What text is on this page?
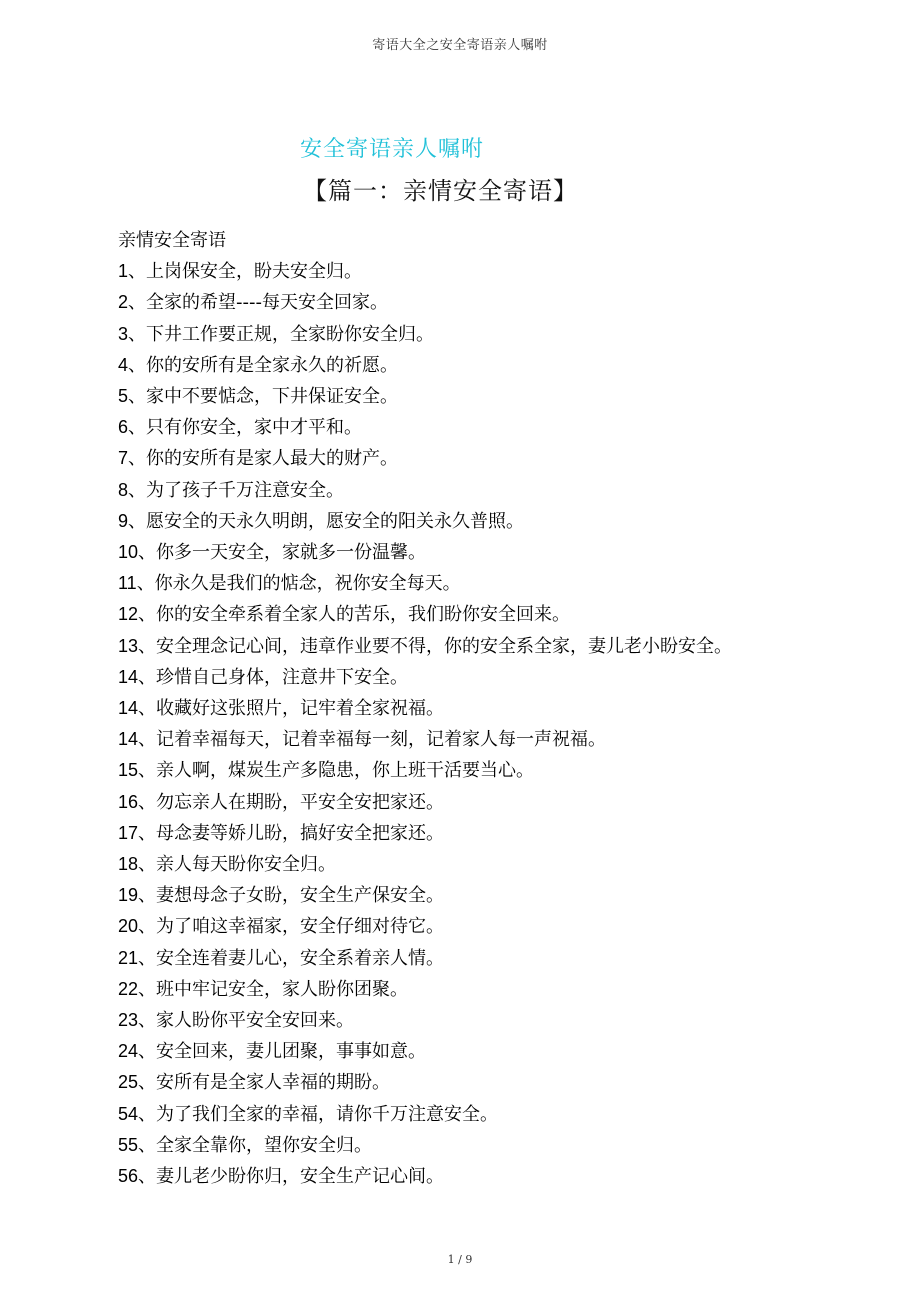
寄语大全之安全寄语亲人嘱咐
安全寄语亲人嘱咐
【篇一：亲情安全寄语】
亲情安全寄语
1、上岗保安全，盼夫安全归。
2、全家的希望----每天安全回家。
3、下井工作要正规，全家盼你安全归。
4、你的安所有是全家永久的祈愿。
5、家中不要惦念，下井保证安全。
6、只有你安全，家中才平和。
7、你的安所有是家人最大的财产。
8、为了孩子千万注意安全。
9、愿安全的天永久明朗，愿安全的阳关永久普照。
10、你多一天安全，家就多一份温馨。
11、你永久是我们的惦念，祝你安全每天。
12、你的安全牵系着全家人的苦乐，我们盼你安全回来。
13、安全理念记心间，违章作业要不得，你的安全系全家，妻儿老小盼安全。
14、珍惜自己身体，注意井下安全。
14、收藏好这张照片，记牢着全家祝福。
14、记着幸福每天，记着幸福每一刻，记着家人每一声祝福。
15、亲人啊，煤炭生产多隐患，你上班干活要当心。
16、勿忘亲人在期盼，平安全安把家还。
17、母念妻等娇儿盼，搞好安全把家还。
18、亲人每天盼你安全归。
19、妻想母念子女盼，安全生产保安全。
20、为了咱这幸福家，安全仔细对待它。
21、安全连着妻儿心，安全系着亲人情。
22、班中牢记安全，家人盼你团聚。
23、家人盼你平安全安回来。
24、安全回来，妻儿团聚，事事如意。
25、安所有是全家人幸福的期盼。
54、为了我们全家的幸福，请你千万注意安全。
55、全家全靠你，望你安全归。
56、妻儿老少盼你归，安全生产记心间。
1 / 9
